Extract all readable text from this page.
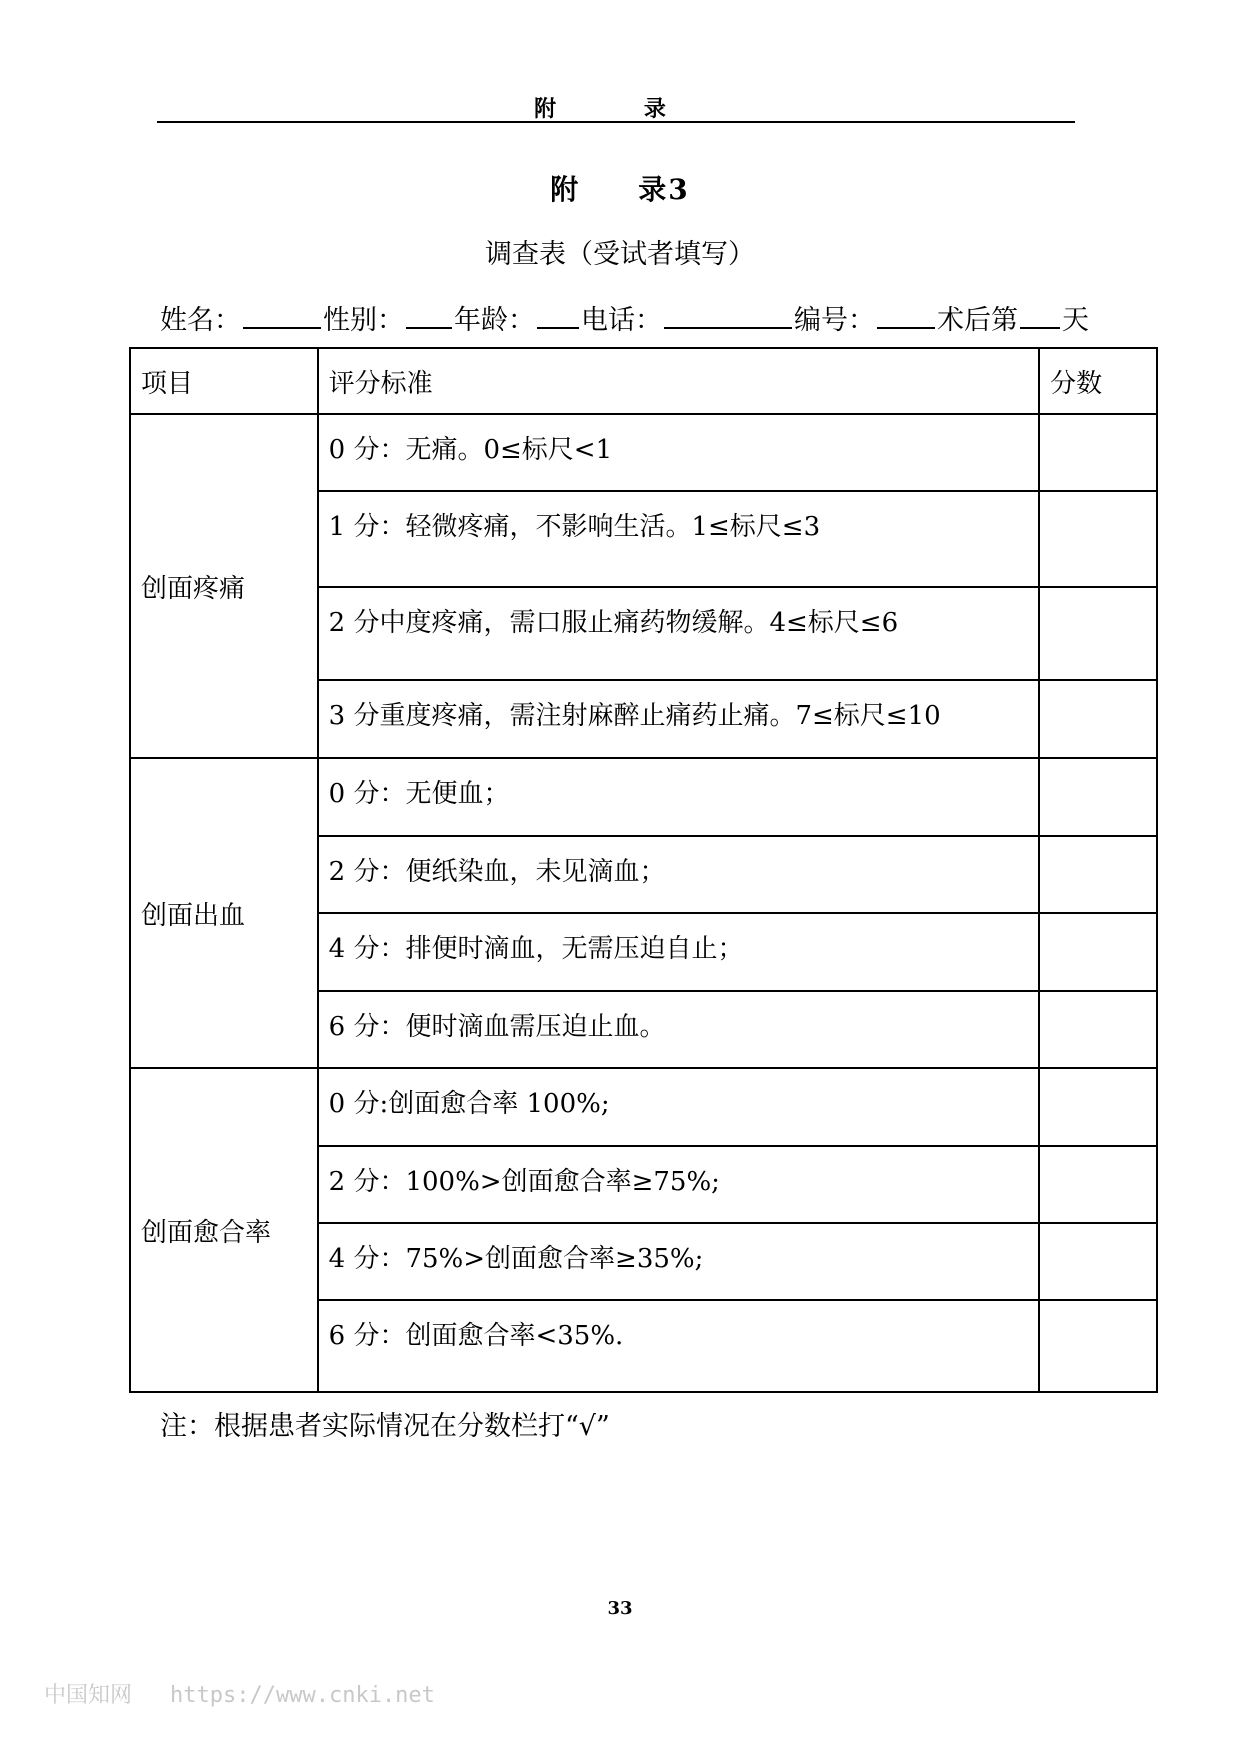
附 录
附 录3
调查表（受试者填写）
姓名：	性别： 年龄： 电话：	编号： 术后第 天
项目	评分标准	分数
创面疼痛	0 分：无痛。0≤标尺<1	
	1 分：轻微疼痛，不影响生活。1≤标尺≤3	
	2 分中度疼痛，需口服止痛药物缓解。4≤标尺≤6	
	3 分重度疼痛，需注射麻醉止痛药止痛。7≤标尺≤10	
创面出血	0 分：无便血；	
	2 分：便纸染血，未见滴血；	
	4 分：排便时滴血，无需压迫自止；	
	6 分：便时滴血需压迫止血。	
创面愈合率	0 分:创面愈合率 100%;	
	2 分：100%>创面愈合率≥75%;	
	4 分：75%>创面愈合率≥35%;	
	6 分：创面愈合率<35%.	
注：根据患者实际情况在分数栏打“√”
33
中国知网 https://www.cnki.net
